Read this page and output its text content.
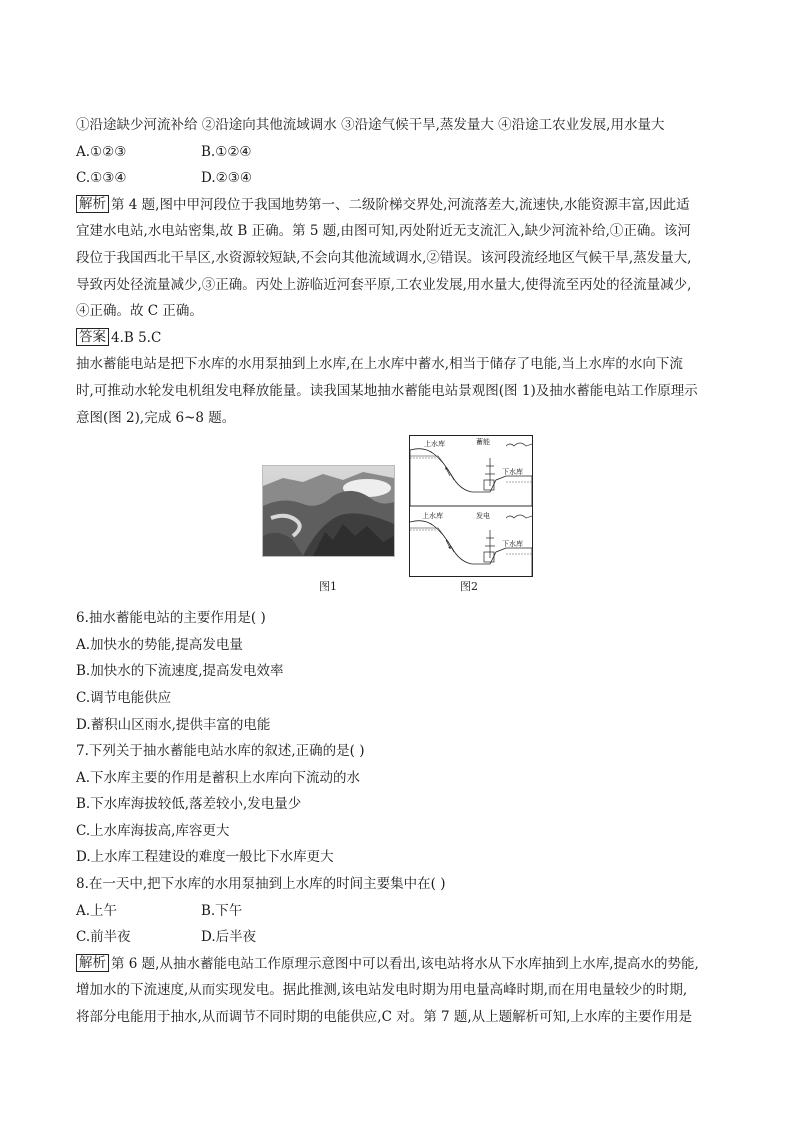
①沿途缺少河流补给 ②沿途向其他流域调水 ③沿途气候干旱,蒸发量大 ④沿途工农业发展,用水量大
A.①②③	B.①②④
C.①③④	D.②③④
解析 第 4 题,图中甲河段位于我国地势第一、二级阶梯交界处,河流落差大,流速快,水能资源丰富,因此适
宜建水电站,水电站密集,故 B 正确。第 5 题,由图可知,丙处附近无支流汇入,缺少河流补给,①正确。该河
段位于我国西北干旱区,水资源较短缺,不会向其他流域调水,②错误。该河段流经地区气候干旱,蒸发量大,
导致丙处径流量减少,③正确。丙处上游临近河套平原,工农业发展,用水量大,使得流至丙处的径流量减少,
④正确。故 C 正确。
答案 4.B 5.C
抽水蓄能电站是把下水库的水用泵抽到上水库,在上水库中蓄水,相当于储存了电能,当上水库的水向下流
时,可推动水轮发电机组发电释放能量。读我国某地抽水蓄能电站景观图(图 1)及抽水蓄能电站工作原理示
意图(图 2),完成 6~8 题。
上水库	蓄能
下水库
上水库	发电
下水库
图1	图2
6.抽水蓄能电站的主要作用是( )
A.加快水的势能,提高发电量
B.加快水的下流速度,提高发电效率
C.调节电能供应
D.蓄积山区雨水,提供丰富的电能
7.下列关于抽水蓄能电站水库的叙述,正确的是( )
A.下水库主要的作用是蓄积上水库向下流动的水
B.下水库海拔较低,落差较小,发电量少
C.上水库海拔高,库容更大
D.上水库工程建设的难度一般比下水库更大
8.在一天中,把下水库的水用泵抽到上水库的时间主要集中在( )
A.上午	B.下午
C.前半夜	D.后半夜
解析 第 6 题,从抽水蓄能电站工作原理示意图中可以看出,该电站将水从下水库抽到上水库,提高水的势能,
增加水的下流速度,从而实现发电。据此推测,该电站发电时期为用电量高峰时期,而在用电量较少的时期,
将部分电能用于抽水,从而调节不同时期的电能供应,C 对。第 7 题,从上题解析可知,上水库的主要作用是
